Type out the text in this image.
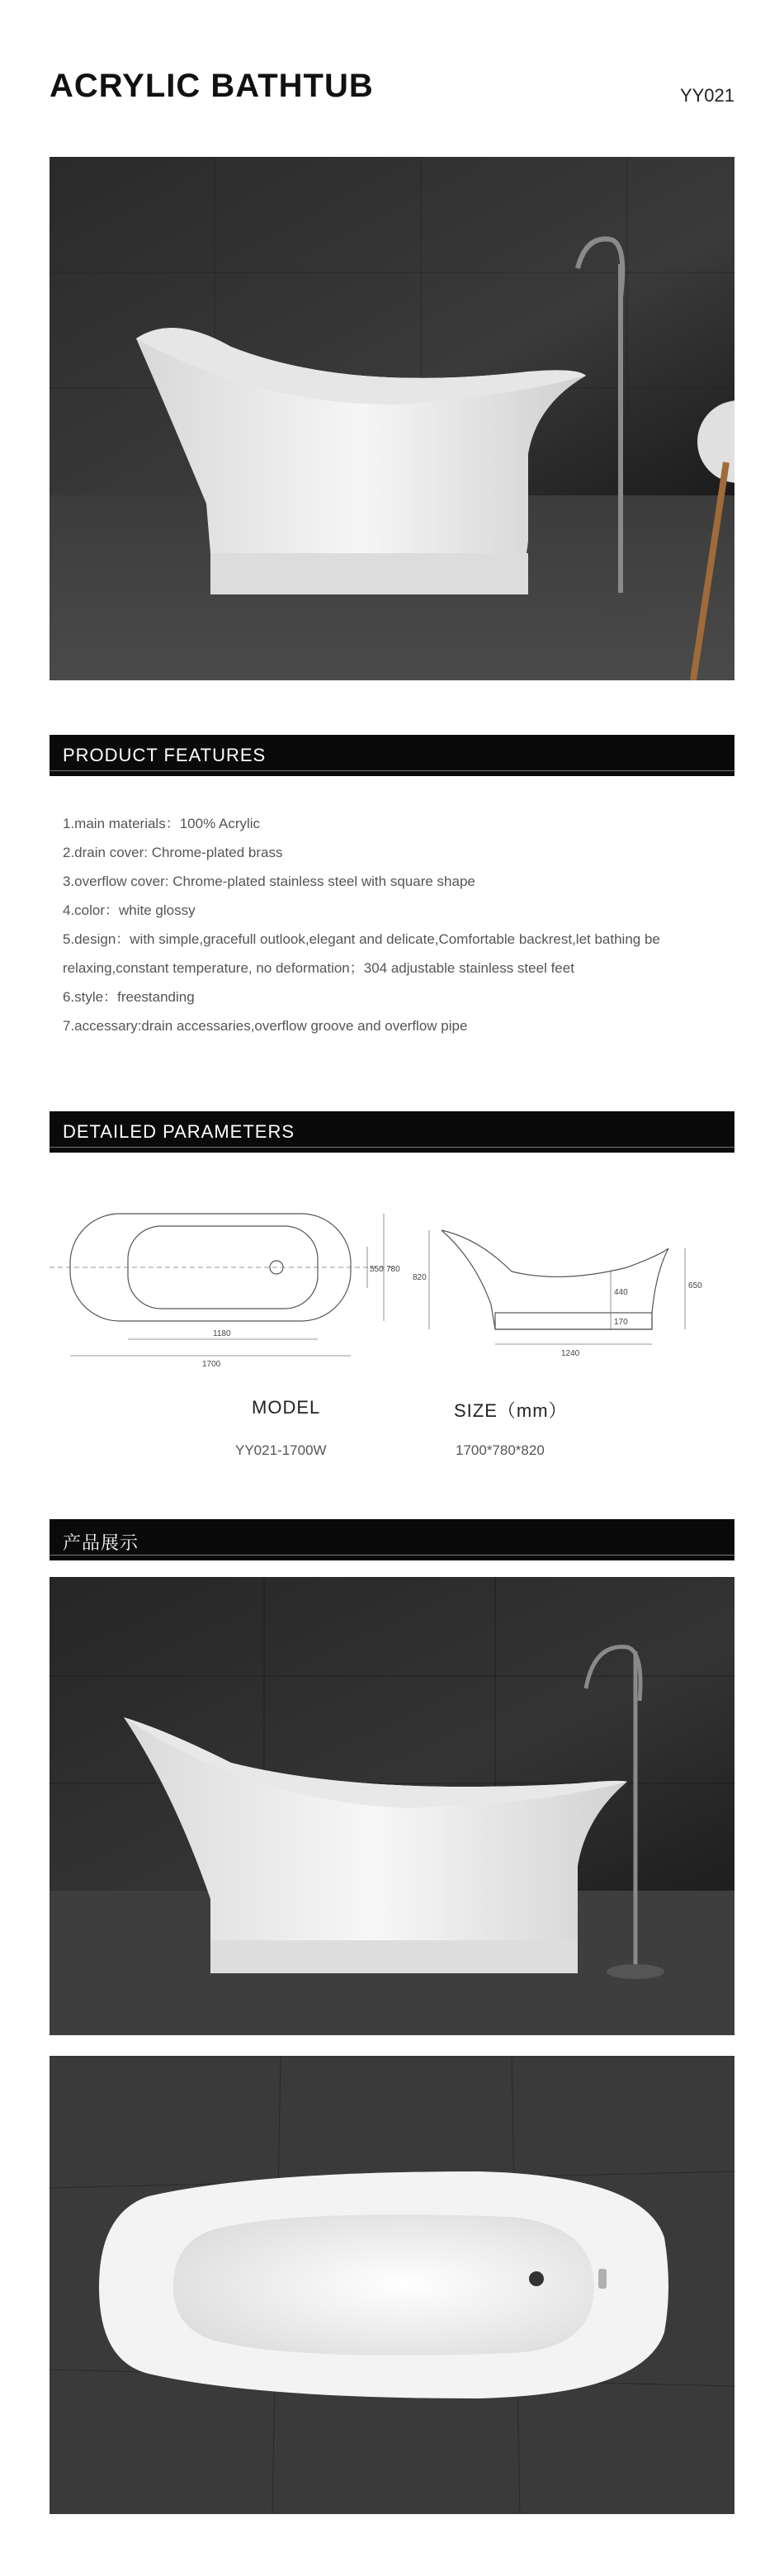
ACRYLIC BATHTUB	YY021
PRODUCT FEATURES
1.main materials：100% Acrylic
2.drain cover: Chrome-plated brass
3.overflow cover: Chrome-plated stainless steel with square shape
4.color：white glossy
5.design：with simple,gracefull outlook,elegant and delicate,Comfortable backrest,let bathing be relaxing,constant temperature, no deformation；304 adjustable stainless steel feet
6.style：freestanding
7.accessary:drain accessaries,overflow groove and overflow pipe
DETAILED PARAMETERS
1180
1700
550 780
820
440
170
1240
650
MODEL	SIZE（mm）
YY021-1700W	1700*780*820
产品展示
